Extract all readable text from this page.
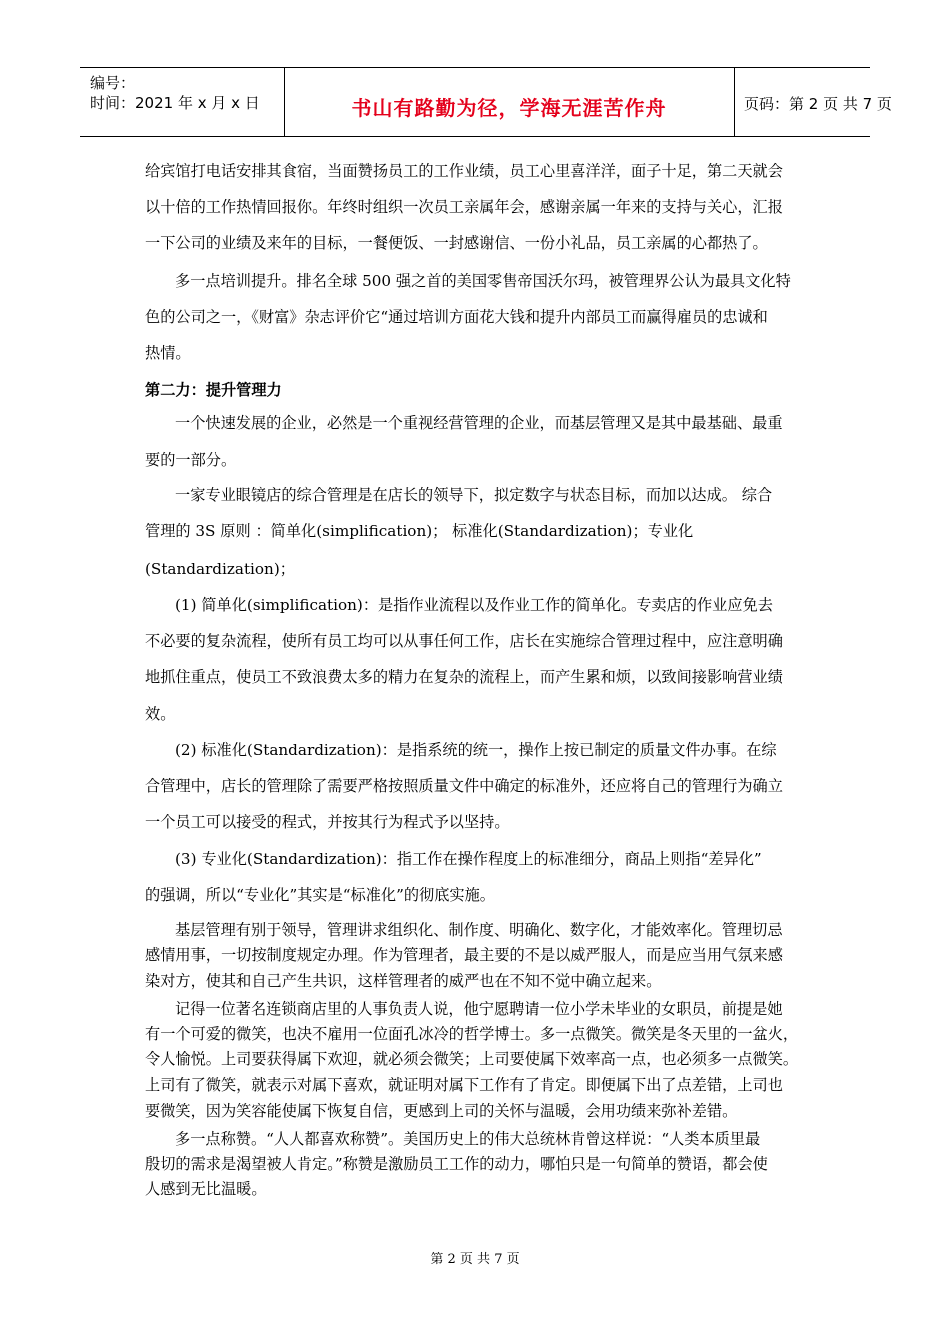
编号：
时间：2021 年 x 月 x 日	书山有路勤为径，学海无涯苦作舟	页码：第 2 页 共 7 页
给宾馆打电话安排其食宿，当面赞扬员工的工作业绩，员工心里喜洋洋，面子十足，第二天就会
以十倍的工作热情回报你。年终时组织一次员工亲属年会，感谢亲属一年来的支持与关心，汇报
一下公司的业绩及来年的目标，一餐便饭、一封感谢信、一份小礼品，员工亲属的心都热了。
多一点培训提升。排名全球 500 强之首的美国零售帝国沃尔玛，被管理界公认为最具文化特
色的公司之一，《财富》杂志评价它“通过培训方面花大钱和提升内部员工而赢得雇员的忠诚和
热情。
第二力：提升管理力
一个快速发展的企业，必然是一个重视经营管理的企业，而基层管理又是其中最基础、最重
要的一部分。
一家专业眼镜店的综合管理是在店长的领导下，拟定数字与状态目标，而加以达成。 综合
管理的 3S 原则 ：简单化(simplification)； 标准化(Standardization)；专业化
(Standardization)；
(1) 简单化(simplification)：是指作业流程以及作业工作的简单化。专卖店的作业应免去
不必要的复杂流程，使所有员工均可以从事任何工作，店长在实施综合管理过程中，应注意明确
地抓住重点，使员工不致浪费太多的精力在复杂的流程上，而产生累和烦，以致间接影响营业绩
效。
(2) 标准化(Standardization)：是指系统的统一，操作上按已制定的质量文件办事。在综
合管理中，店长的管理除了需要严格按照质量文件中确定的标准外，还应将自己的管理行为确立
一个员工可以接受的程式，并按其行为程式予以坚持。
(3) 专业化(Standardization)：指工作在操作程度上的标准细分，商品上则指“差异化”
的强调，所以“专业化”其实是“标准化”的彻底实施。
基层管理有别于领导，管理讲求组织化、制作度、明确化、数字化，才能效率化。管理切忌
感情用事，一切按制度规定办理。作为管理者，最主要的不是以威严服人，而是应当用气氛来感
染对方，使其和自己产生共识，这样管理者的威严也在不知不觉中确立起来。
记得一位著名连锁商店里的人事负责人说，他宁愿聘请一位小学未毕业的女职员，前提是她
有一个可爱的微笑，也决不雇用一位面孔冰冷的哲学博士。多一点微笑。微笑是冬天里的一盆火，
令人愉悦。上司要获得属下欢迎，就必须会微笑；上司要使属下效率高一点，也必须多一点微笑。
上司有了微笑，就表示对属下喜欢，就证明对属下工作有了肯定。即便属下出了点差错，上司也
要微笑，因为笑容能使属下恢复自信，更感到上司的关怀与温暖，会用功绩来弥补差错。
多一点称赞。“人人都喜欢称赞”。美国历史上的伟大总统林肯曾这样说：“人类本质里最
殷切的需求是渴望被人肯定。”称赞是激励员工工作的动力，哪怕只是一句简单的赞语，都会使
人感到无比温暖。
第 2 页 共 7 页
